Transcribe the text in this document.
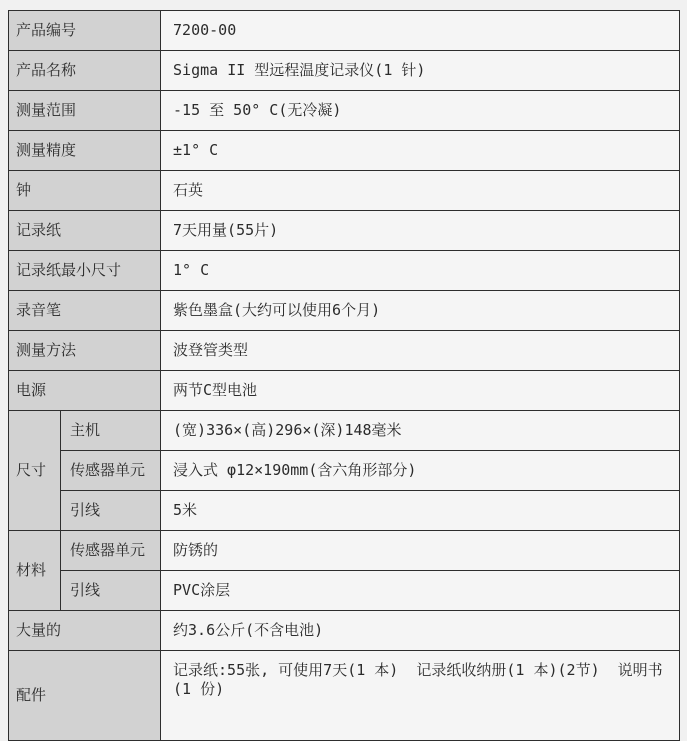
产品编号		7200-00
产品名称		Sigma II 型远程温度记录仪(1 针)
测量范围		-15 至 50° C(无冷凝)
测量精度		±1° C
钟		石英
记录纸		7天用量(55片)
记录纸最小尺寸		1° C
录音笔		紫色墨盒(大约可以使用6个月)
测量方法		波登管类型
电源		两节C型电池
尺寸	主机	(宽)336×(高)296×(深)148毫米
	传感器单元	浸入式 φ12×190mm(含六角形部分)
	引线	5米
材料	传感器单元	防锈的
	引线	PVC涂层
大量的		约3.6公斤(不含电池)
配件		记录纸:55张, 可使用7天(1 本)  记录纸收纳册(1 本)(2节)  说明书(1 份)
